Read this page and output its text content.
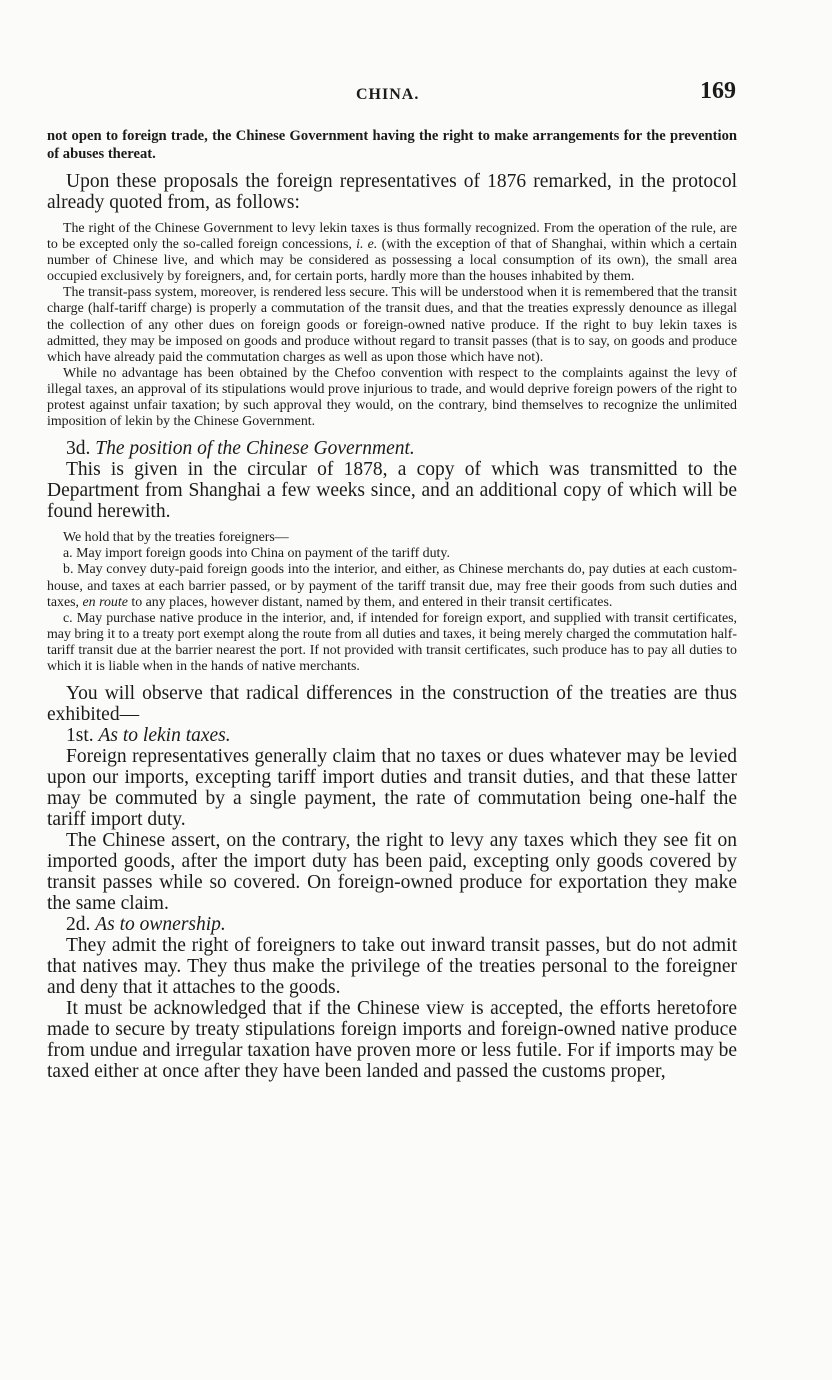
CHINA.	169

not open to foreign trade, the Chinese Government having the right to make arrangements for the prevention of abuses thereat.

Upon these proposals the foreign representatives of 1876 remarked, in the protocol already quoted from, as follows:

The right of the Chinese Government to levy lekin taxes is thus formally recognized. From the operation of the rule, are to be excepted only the so-called foreign concessions, i. e. (with the exception of that of Shanghai, within which a certain number of Chinese live, and which may be considered as possessing a local consumption of its own), the small area occupied exclusively by foreigners, and, for certain ports, hardly more than the houses inhabited by them.

The transit-pass system, moreover, is rendered less secure. This will be understood when it is remembered that the transit charge (half-tariff charge) is properly a commutation of the transit dues, and that the treaties expressly denounce as illegal the collection of any other dues on foreign goods or foreign-owned native produce. If the right to buy lekin taxes is admitted, they may be imposed on goods and produce without regard to transit passes (that is to say, on goods and produce which have already paid the commutation charges as well as upon those which have not).

While no advantage has been obtained by the Chefoo convention with respect to the complaints against the levy of illegal taxes, an approval of its stipulations would prove injurious to trade, and would deprive foreign powers of the right to protest against unfair taxation; by such approval they would, on the contrary, bind themselves to recognize the unlimited imposition of lekin by the Chinese Government.

3d. The position of the Chinese Government.

This is given in the circular of 1878, a copy of which was transmitted to the Department from Shanghai a few weeks since, and an additional copy of which will be found herewith.

We hold that by the treaties foreigners—

a. May import foreign goods into China on payment of the tariff duty.

b. May convey duty-paid foreign goods into the interior, and either, as Chinese merchants do, pay duties at each custom-house, and taxes at each barrier passed, or by payment of the tariff transit due, may free their goods from such duties and taxes, en route to any places, however distant, named by them, and entered in their transit certificates.

c. May purchase native produce in the interior, and, if intended for foreign export, and supplied with transit certificates, may bring it to a treaty port exempt along the route from all duties and taxes, it being merely charged the commutation half-tariff transit due at the barrier nearest the port. If not provided with transit certificates, such produce has to pay all duties to which it is liable when in the hands of native merchants.

You will observe that radical differences in the construction of the treaties are thus exhibited—

1st. As to lekin taxes.

Foreign representatives generally claim that no taxes or dues whatever may be levied upon our imports, excepting tariff import duties and transit duties, and that these latter may be commuted by a single payment, the rate of commutation being one-half the tariff import duty.

The Chinese assert, on the contrary, the right to levy any taxes which they see fit on imported goods, after the import duty has been paid, excepting only goods covered by transit passes while so covered. On foreign-owned produce for exportation they make the same claim.

2d. As to ownership.

They admit the right of foreigners to take out inward transit passes, but do not admit that natives may. They thus make the privilege of the treaties personal to the foreigner and deny that it attaches to the goods.

It must be acknowledged that if the Chinese view is accepted, the efforts heretofore made to secure by treaty stipulations foreign imports and foreign-owned native produce from undue and irregular taxation have proven more or less futile. For if imports may be taxed either at once after they have been landed and passed the customs proper,
